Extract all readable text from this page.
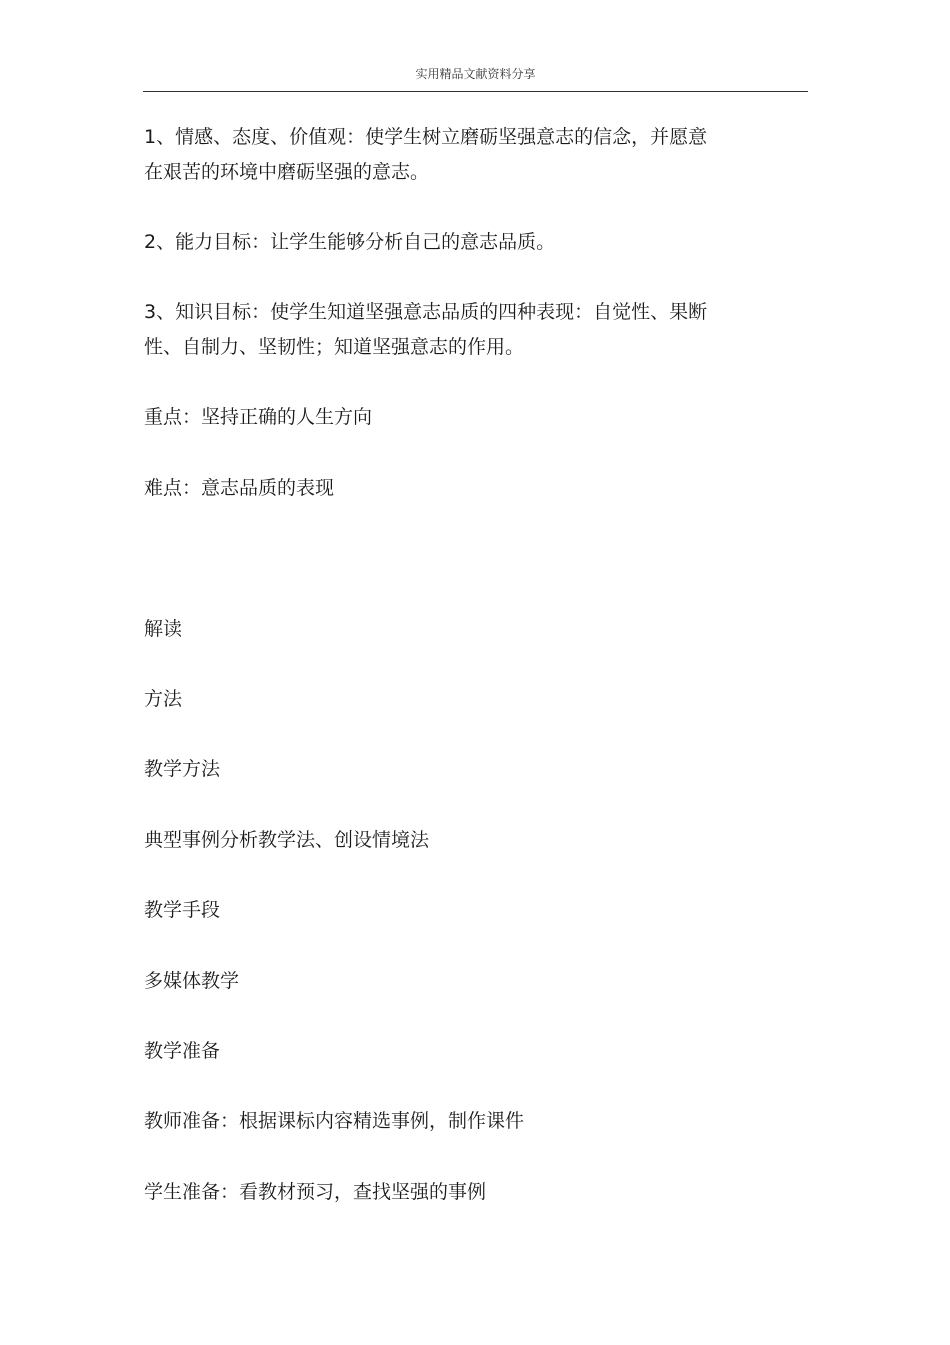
实用精品文献资料分享

1、情感、态度、价值观：使学生树立磨砺坚强意志的信念，并愿意
在艰苦的环境中磨砺坚强的意志。

2、能力目标：让学生能够分析自己的意志品质。

3、知识目标：使学生知道坚强意志品质的四种表现：自觉性、果断
性、自制力、坚韧性；知道坚强意志的作用。

重点：坚持正确的人生方向

难点：意志品质的表现

解读

方法

教学方法

典型事例分析教学法、创设情境法

教学手段

多媒体教学

教学准备

教师准备：根据课标内容精选事例，制作课件

学生准备：看教材预习，查找坚强的事例
